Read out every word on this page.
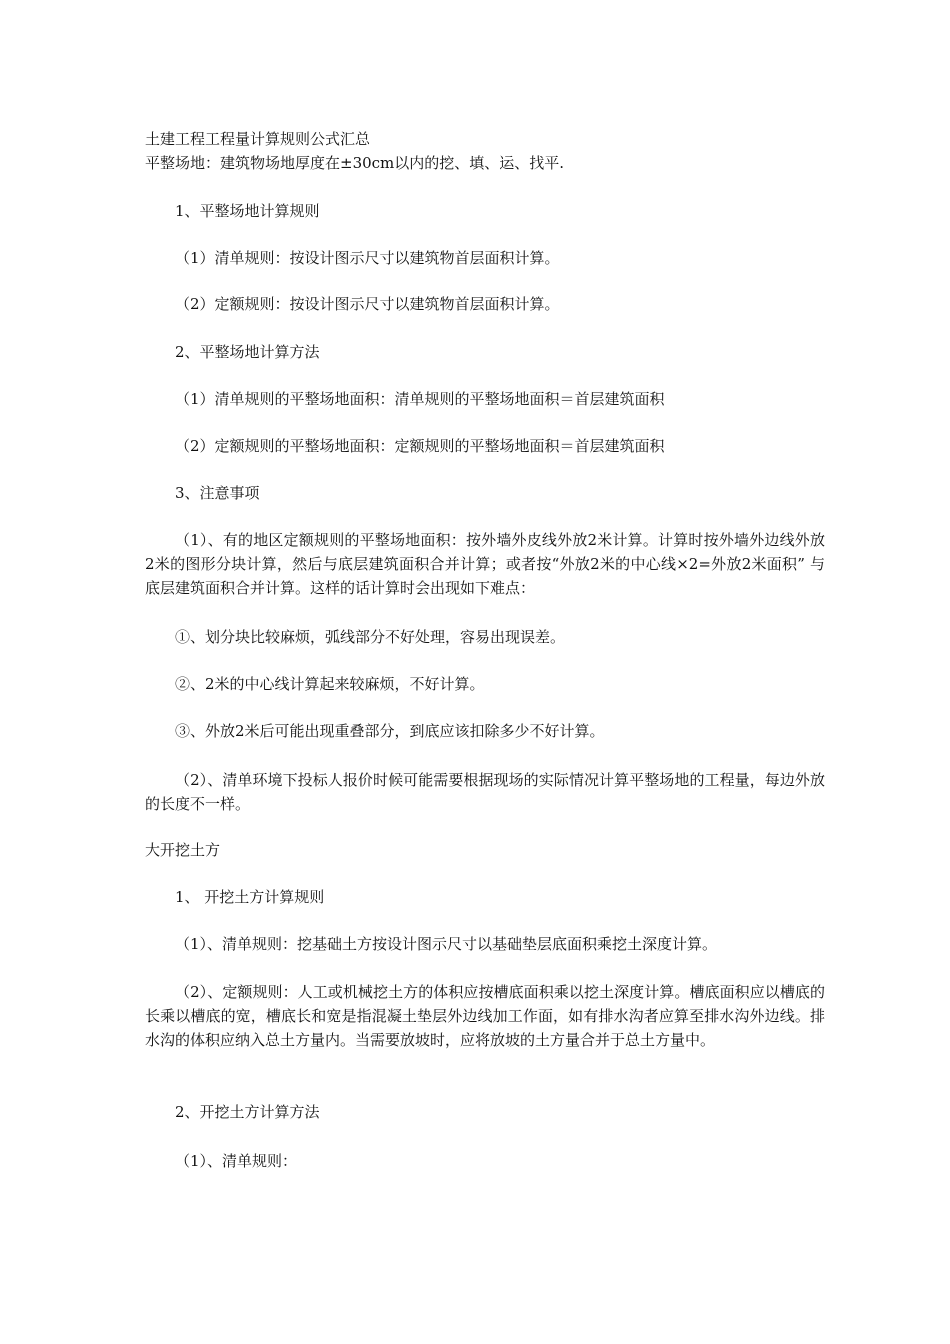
土建工程工程量计算规则公式汇总
平整场地：建筑物场地厚度在±30cm以内的挖、填、运、找平.
1、平整场地计算规则
（1）清单规则：按设计图示尺寸以建筑物首层面积计算。
（2）定额规则：按设计图示尺寸以建筑物首层面积计算。
2、平整场地计算方法
（1）清单规则的平整场地面积：清单规则的平整场地面积＝首层建筑面积
（2）定额规则的平整场地面积：定额规则的平整场地面积＝首层建筑面积
3、注意事项
（1）、有的地区定额规则的平整场地面积：按外墙外皮线外放2米计算。计算时按外墙外边线外放2米的图形分块计算，然后与底层建筑面积合并计算；或者按“外放2米的中心线×2=外放2米面积” 与底层建筑面积合并计算。这样的话计算时会出现如下难点：
①、划分块比较麻烦，弧线部分不好处理，容易出现误差。
②、2米的中心线计算起来较麻烦，不好计算。
③、外放2米后可能出现重叠部分，到底应该扣除多少不好计算。
（2）、清单环境下投标人报价时候可能需要根据现场的实际情况计算平整场地的工程量，每边外放的长度不一样。
大开挖土方
1、 开挖土方计算规则
（1）、清单规则：挖基础土方按设计图示尺寸以基础垫层底面积乘挖土深度计算。
（2）、定额规则：人工或机械挖土方的体积应按槽底面积乘以挖土深度计算。槽底面积应以槽底的长乘以槽底的宽，槽底长和宽是指混凝土垫层外边线加工作面，如有排水沟者应算至排水沟外边线。排水沟的体积应纳入总土方量内。当需要放坡时，应将放坡的土方量合并于总土方量中。
2、开挖土方计算方法
（1）、清单规则：
